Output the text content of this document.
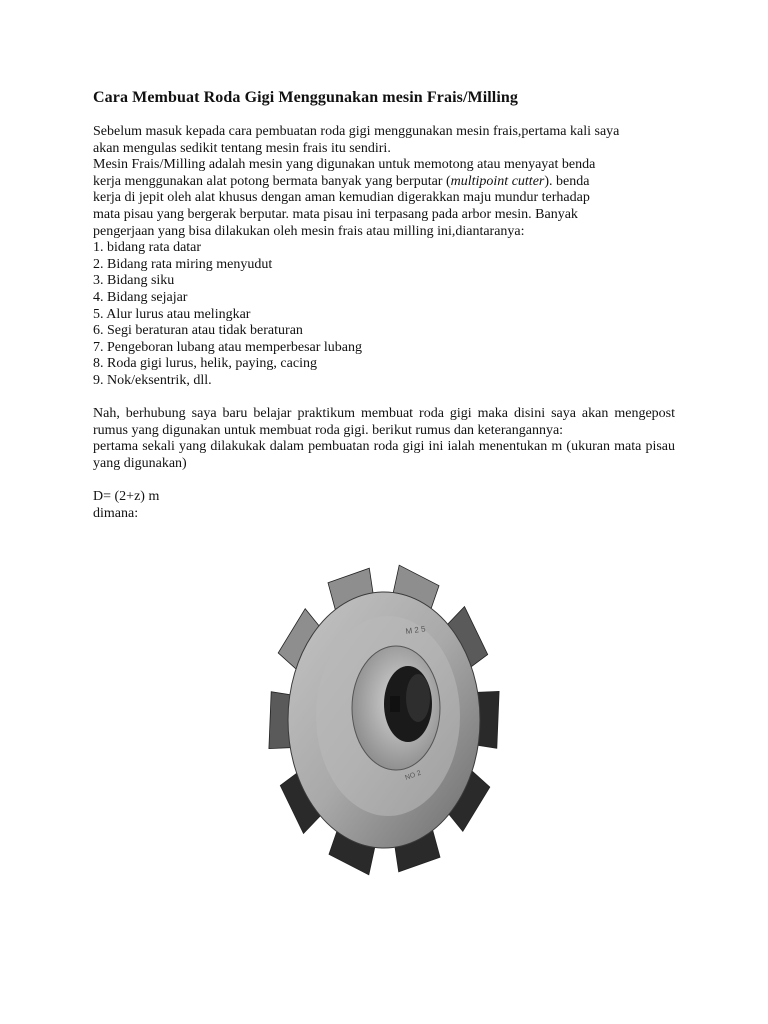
Cara Membuat Roda Gigi Menggunakan mesin Frais/Milling

Sebelum masuk kepada cara pembuatan roda gigi menggunakan mesin frais,pertama kali saya

akan mengulas sedikit tentang mesin frais itu sendiri.

Mesin Frais/Milling adalah mesin yang digunakan untuk memotong atau menyayat benda

kerja menggunakan alat potong bermata banyak yang berputar (multipoint cutter). benda

kerja di jepit oleh alat khusus dengan aman kemudian digerakkan maju mundur terhadap

mata pisau yang bergerak berputar. mata pisau ini terpasang pada arbor mesin. Banyak

pengerjaan yang bisa dilakukan oleh mesin frais atau milling ini,diantaranya:

1. bidang rata datar
2. Bidang rata miring menyudut
3. Bidang siku
4. Bidang sejajar
5. Alur lurus atau melingkar
6. Segi beraturan atau tidak beraturan
7. Pengeboran lubang atau memperbesar lubang
8. Roda gigi lurus, helik, paying, cacing
9. Nok/eksentrik, dll.

Nah, berhubung saya baru belajar praktikum membuat roda gigi maka disini saya akan mengepost rumus yang digunakan untuk membuat roda gigi. berikut rumus dan keterangannya:

pertama sekali yang dilakukak dalam pembuatan roda gigi ini ialah menentukan m (ukuran mata pisau yang digunakan)

D= (2+z) m

dimana:

M 2 5
NO 2
